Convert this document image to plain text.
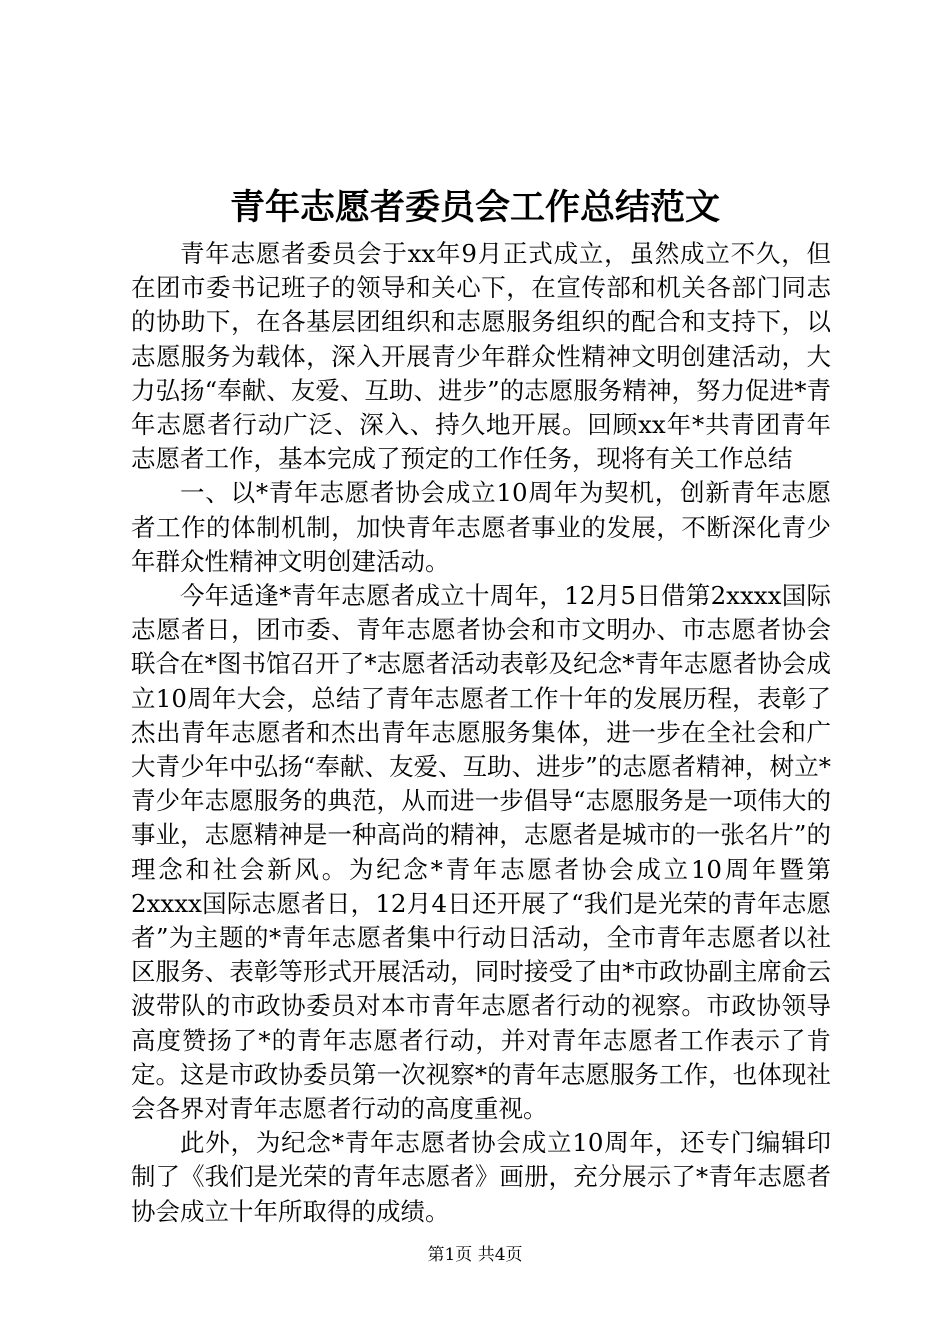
青年志愿者委员会工作总结范文

青年志愿者委员会于xx年9月正式成立，虽然成立不久，但在团市委书记班子的领导和关心下，在宣传部和机关各部门同志的协助下，在各基层团组织和志愿服务组织的配合和支持下，以志愿服务为载体，深入开展青少年群众性精神文明创建活动，大力弘扬“奉献、友爱、互助、进步”的志愿服务精神，努力促进*青年志愿者行动广泛、深入、持久地开展。回顾xx年*共青团青年志愿者工作，基本完成了预定的工作任务，现将有关工作总结

一、以*青年志愿者协会成立10周年为契机，创新青年志愿者工作的体制机制，加快青年志愿者事业的发展，不断深化青少年群众性精神文明创建活动。

今年适逢*青年志愿者成立十周年，12月5日借第2xxxx国际志愿者日，团市委、青年志愿者协会和市文明办、市志愿者协会联合在*图书馆召开了*志愿者活动表彰及纪念*青年志愿者协会成立10周年大会，总结了青年志愿者工作十年的发展历程，表彰了杰出青年志愿者和杰出青年志愿服务集体，进一步在全社会和广大青少年中弘扬“奉献、友爱、互助、进步”的志愿者精神，树立*青少年志愿服务的典范，从而进一步倡导“志愿服务是一项伟大的事业，志愿精神是一种高尚的精神，志愿者是城市的一张名片”的理念和社会新风。为纪念*青年志愿者协会成立10周年暨第2xxxx国际志愿者日，12月4日还开展了“我们是光荣的青年志愿者”为主题的*青年志愿者集中行动日活动，全市青年志愿者以社区服务、表彰等形式开展活动，同时接受了由*市政协副主席俞云波带队的市政协委员对本市青年志愿者行动的视察。市政协领导高度赞扬了*的青年志愿者行动，并对青年志愿者工作表示了肯定。这是市政协委员第一次视察*的青年志愿服务工作，也体现社会各界对青年志愿者行动的高度重视。

此外，为纪念*青年志愿者协会成立10周年，还专门编辑印制了《我们是光荣的青年志愿者》画册，充分展示了*青年志愿者协会成立十年所取得的成绩。

第1页 共4页
